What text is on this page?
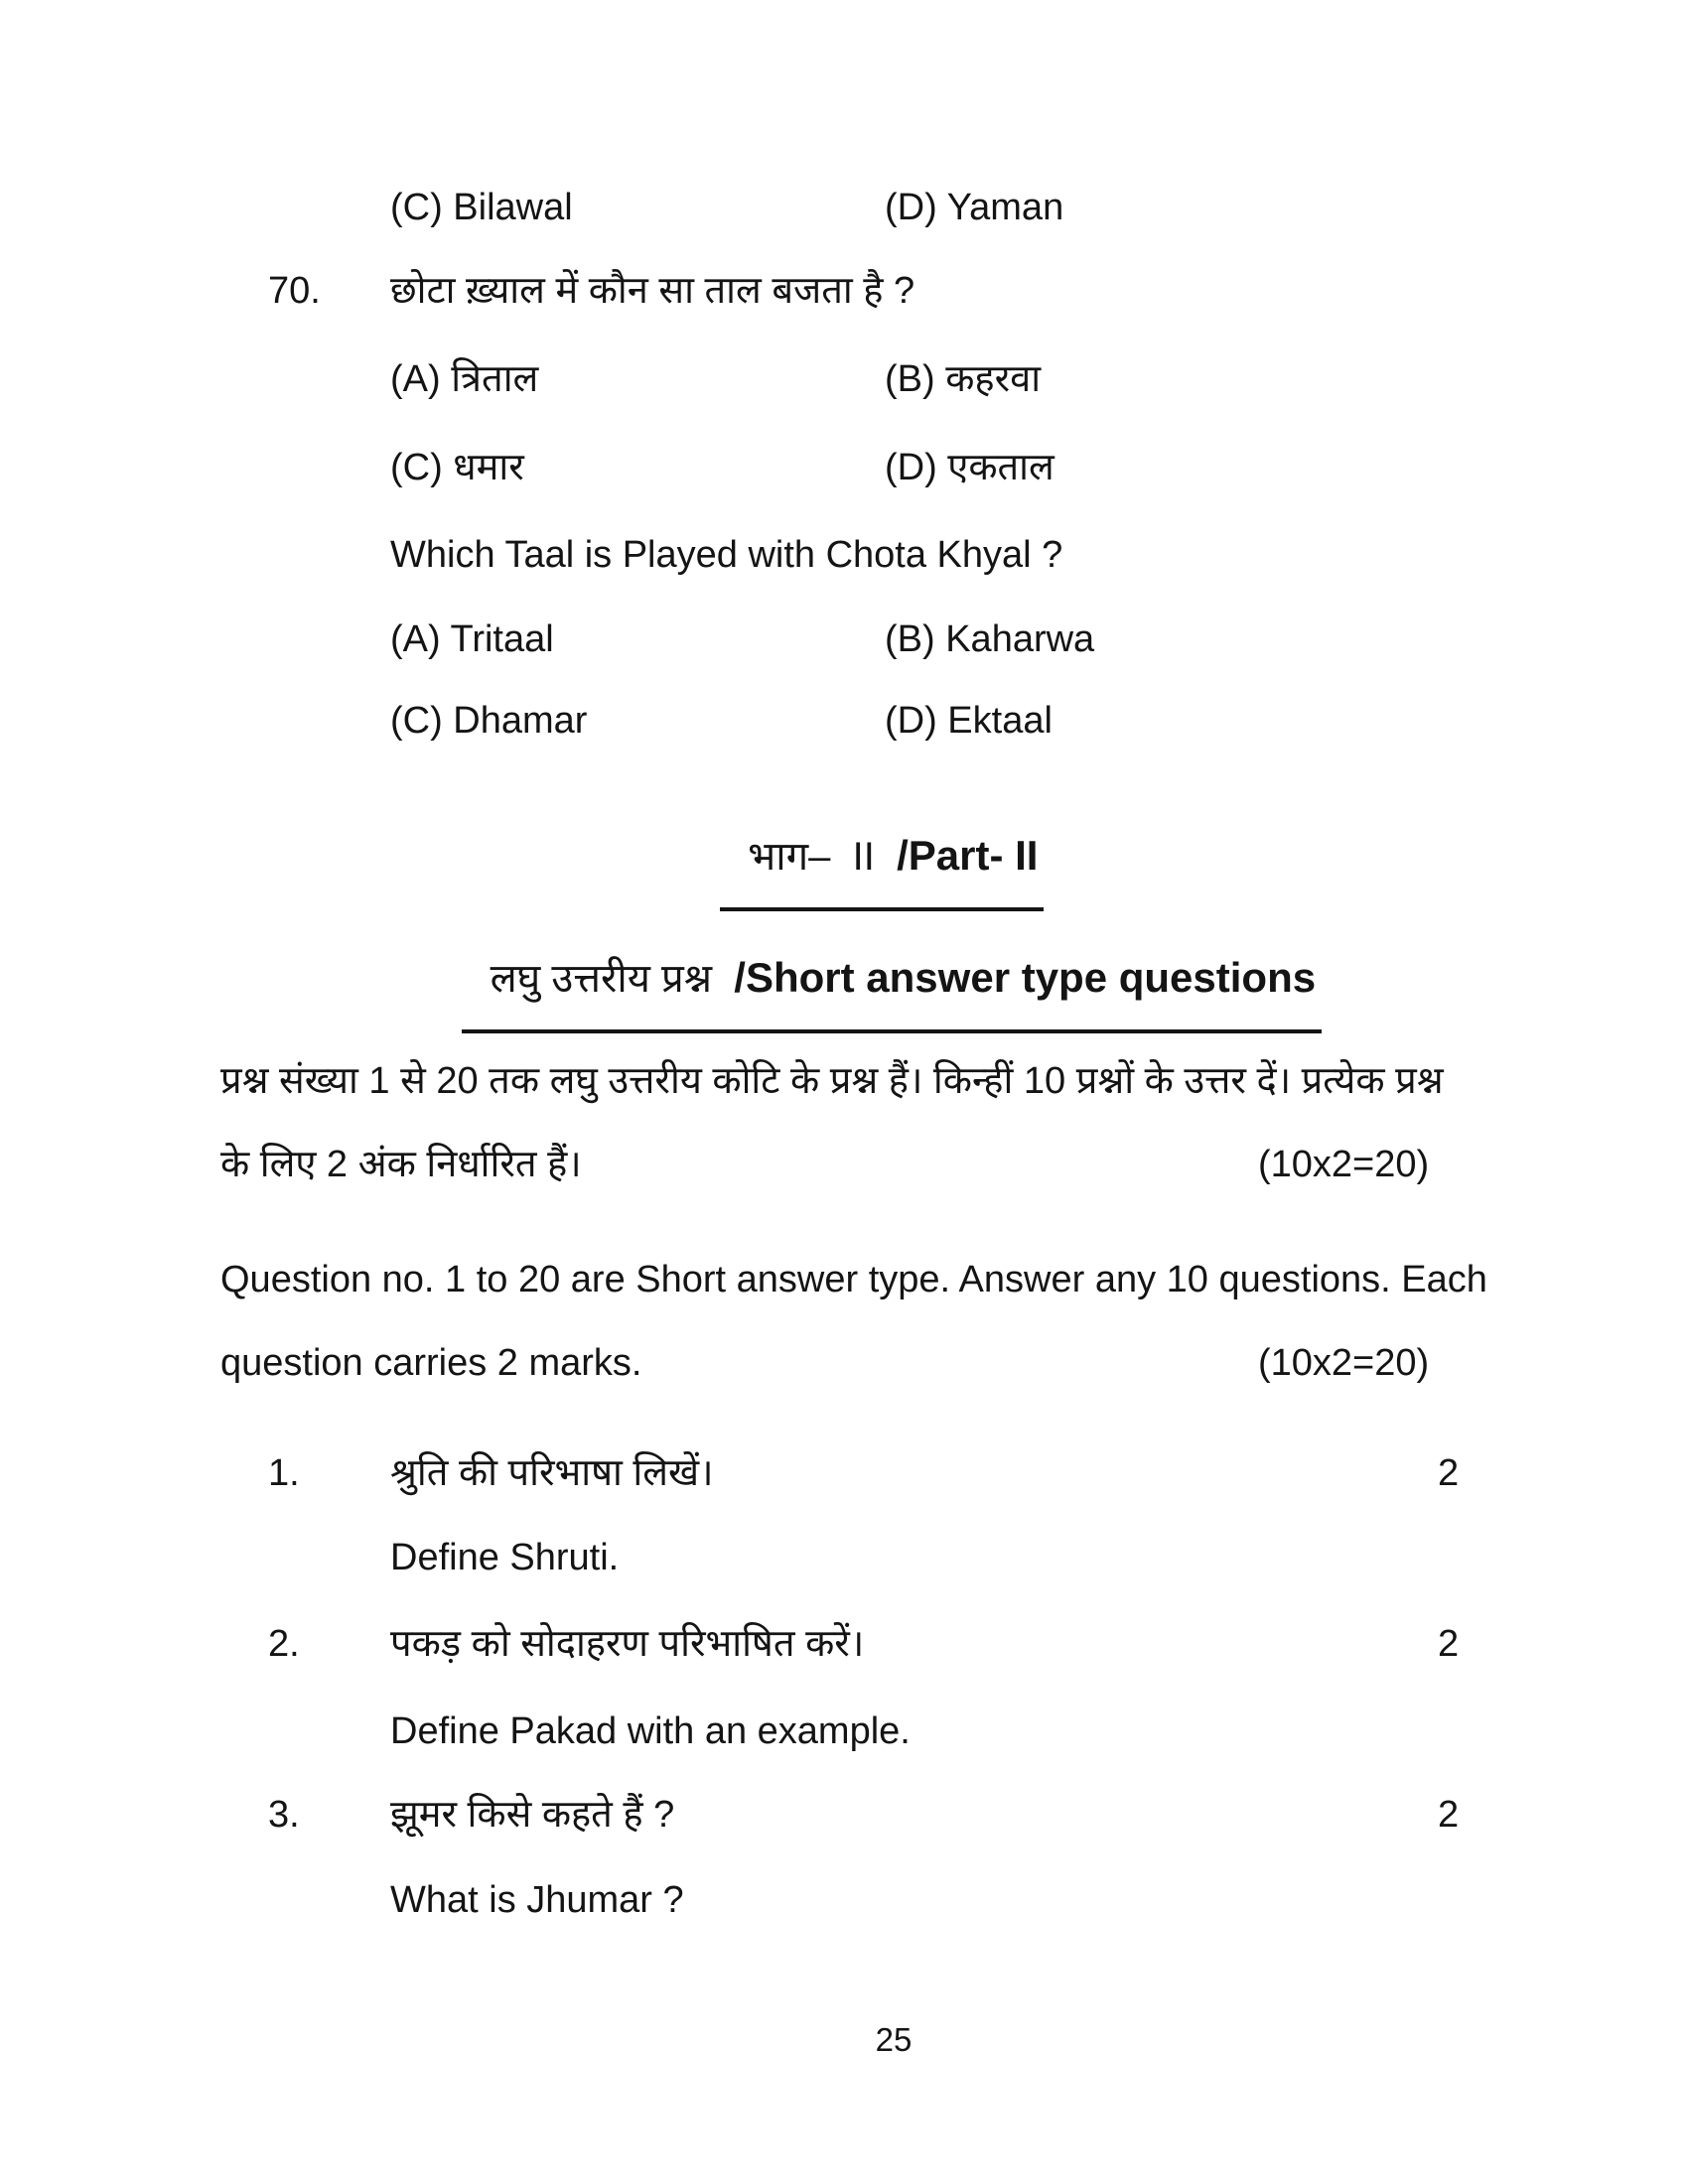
(C) Bilawal	(D) Yaman
70. छोटा ख़्याल में कौन सा ताल बजता है ?
(A) त्रिताल	(B) कहरवा
(C) धमार	(D) एकताल
Which Taal is Played with Chota Khyal ?
(A) Tritaal	(B) Kaharwa
(C) Dhamar	(D) Ektaal

भाग–  II  /Part- II

लघु उत्तरीय प्रश्न  /Short answer type questions

प्रश्न संख्या 1 से 20 तक लघु उत्तरीय कोटि के प्रश्न हैं। किन्हीं 10 प्रश्नों के उत्तर दें। प्रत्येक प्रश्न
के लिए 2 अंक निर्धारित हैं।	(10x2=20)
Question no. 1 to 20 are Short answer type. Answer any 10 questions. Each
question carries 2 marks.	(10x2=20)
1. श्रुति की परिभाषा लिखें।	2
Define Shruti.
2. पकड़ को सोदाहरण परिभाषित करें।	2
Define Pakad with an example.
3. झूमर किसे कहते हैं ?	2
What is Jhumar ?
25
